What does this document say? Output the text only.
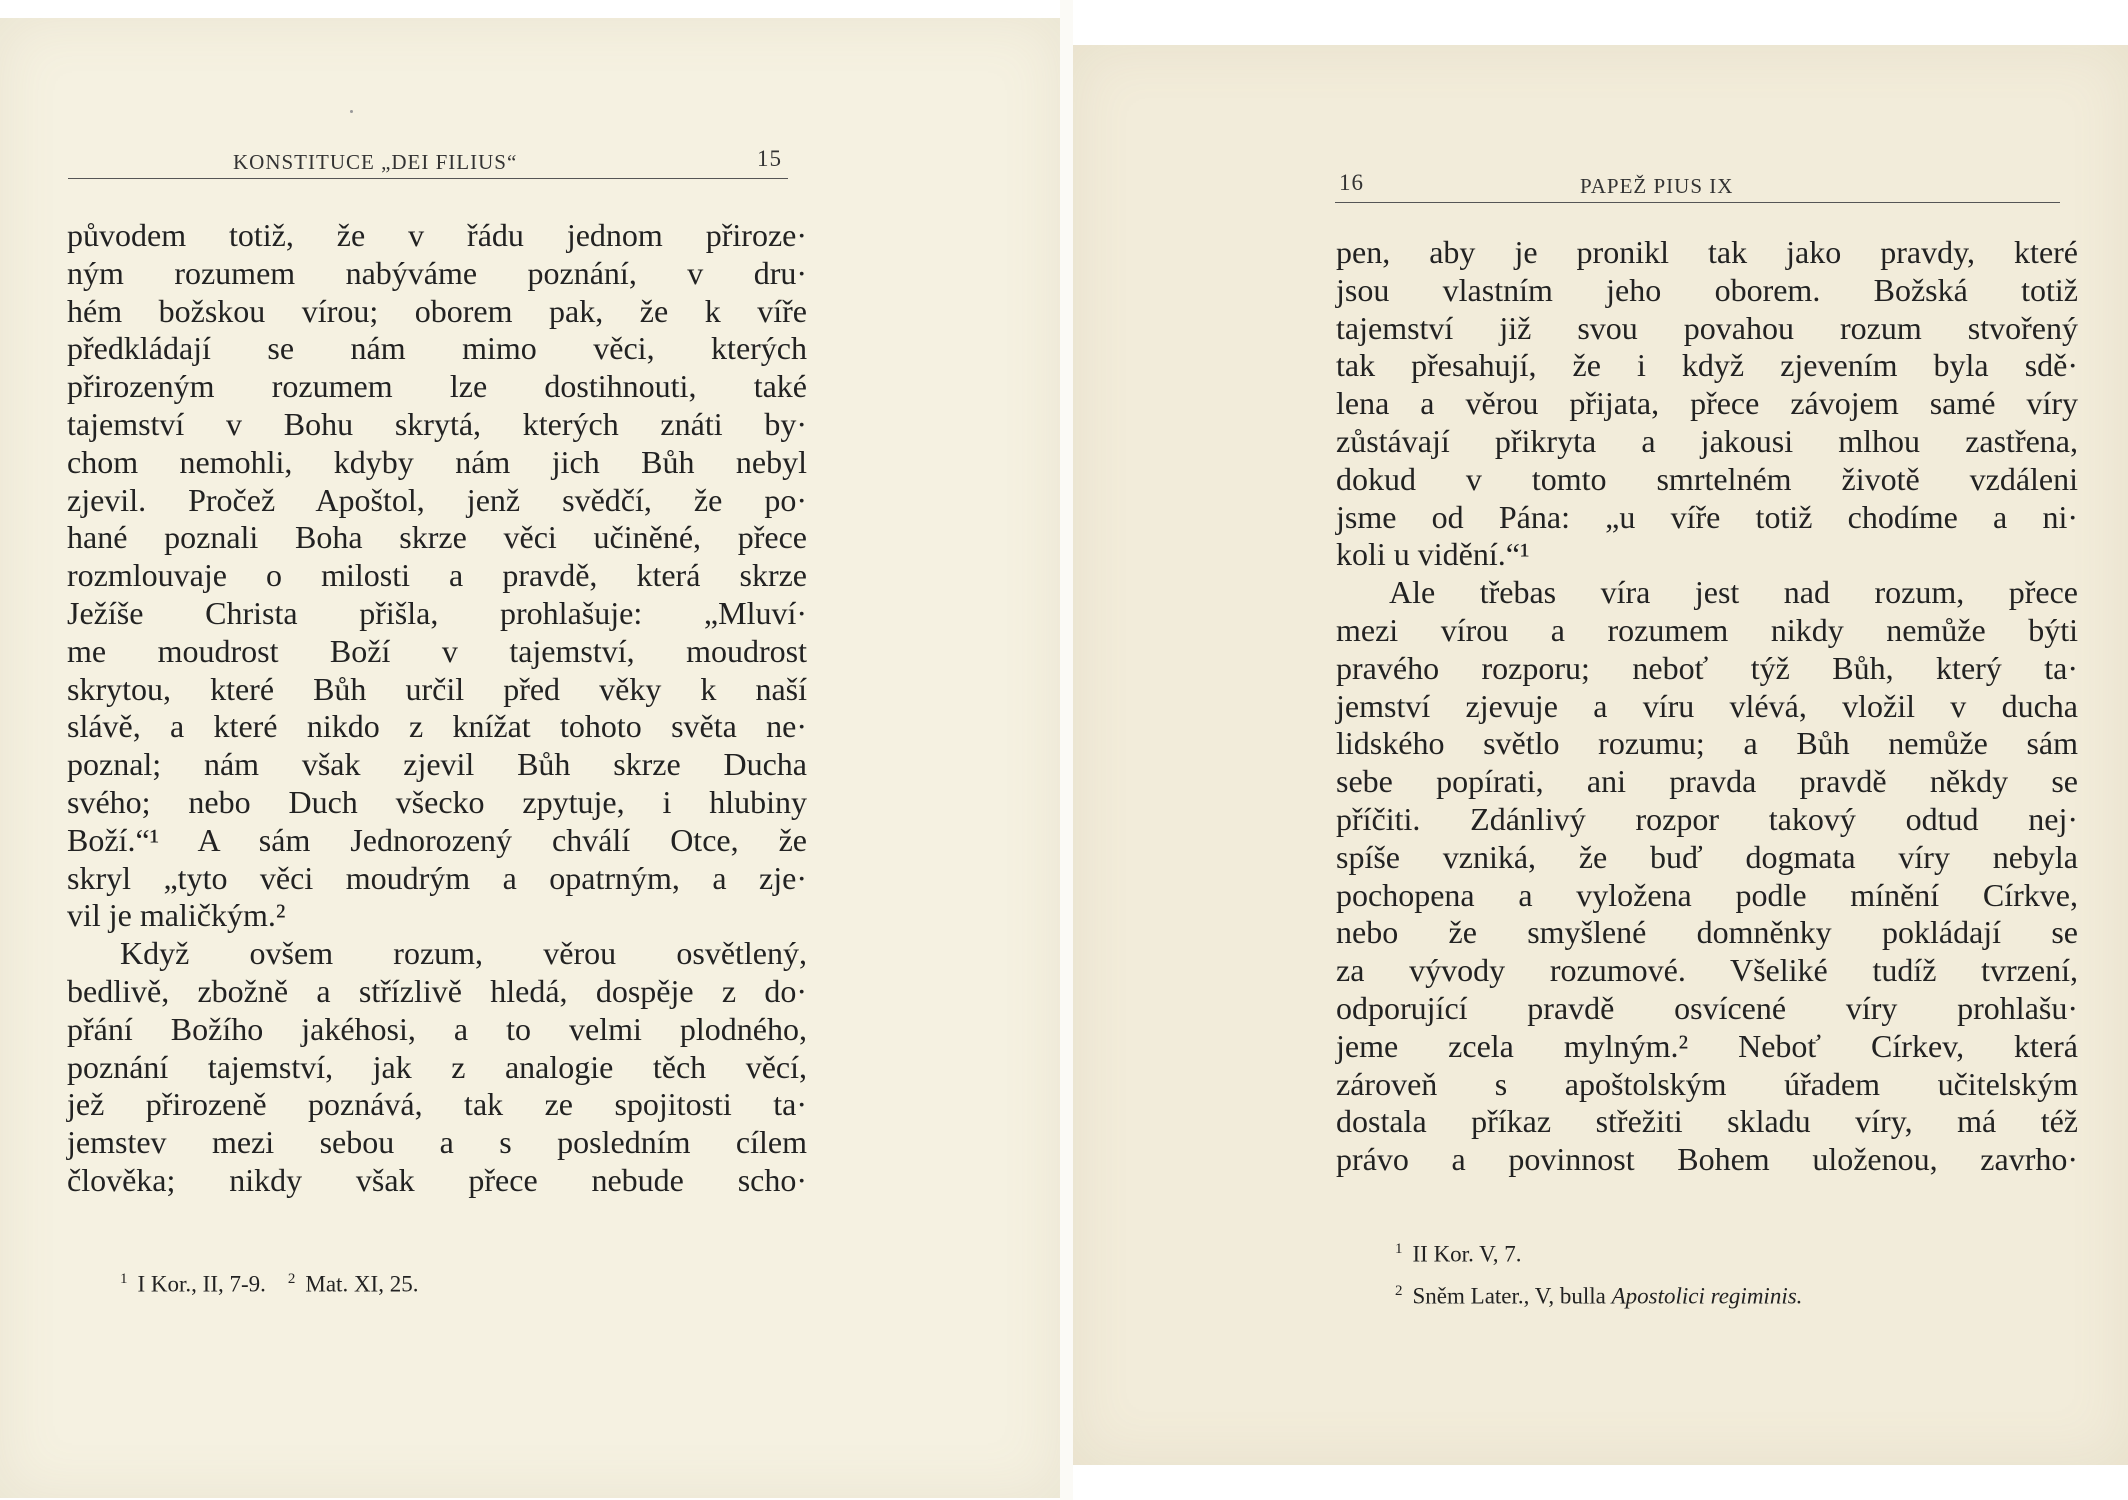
KONSTITUCE „DEI FILIUS“	15
původem totiž, že v řádu jednom přiroze·
ným rozumem nabýváme poznání, v dru·
hém božskou vírou; oborem pak, že k víře
předkládají se nám mimo věci, kterých
přirozeným rozumem lze dostihnouti, také
tajemství v Bohu skrytá, kterých znáti by·
chom nemohli, kdyby nám jich Bůh nebyl
zjevil. Pročež Apoštol, jenž svědčí, že po·
hané poznali Boha skrze věci učiněné, přece
rozmlouvaje o milosti a pravdě, která skrze
Ježíše Christa přišla, prohlašuje: „Mluví·
me moudrost Boží v tajemství, moudrost
skrytou, které Bůh určil před věky k naší
slávě, a které nikdo z knížat tohoto světa ne·
poznal; nám však zjevil Bůh skrze Ducha
svého; nebo Duch všecko zpytuje, i hlubiny
Boží.“¹ A sám Jednorozený chválí Otce, že
skryl „tyto věci moudrým a opatrným, a zje·
vil je maličkým.²
Když ovšem rozum, věrou osvětlený,
bedlivě, zbožně a střízlivě hledá, dospěje z do·
přání Božího jakéhosi, a to velmi plodného,
poznání tajemství, jak z analogie těch věcí,
jež přirozeně poznává, tak ze spojitosti ta·
jemstev mezi sebou a s posledním cílem
člověka; nikdy však přece nebude scho·
$^1$ I Kor., II, 7-9. $^2$ Mat. XI, 25.
16	PAPEŽ PIUS IX
pen, aby je pronikl tak jako pravdy, které
jsou vlastním jeho oborem. Božská totiž
tajemství již svou povahou rozum stvořený
tak přesahují, že i když zjevením byla sdě·
lena a věrou přijata, přece závojem samé víry
zůstávají přikryta a jakousi mlhou zastřena,
dokud v tomto smrtelném životě vzdáleni
jsme od Pána: „u víře totiž chodíme a ni·
koli u vidění.“¹
Ale třebas víra jest nad rozum, přece
mezi vírou a rozumem nikdy nemůže býti
pravého rozporu; neboť týž Bůh, který ta·
jemství zjevuje a víru vlévá, vložil v ducha
lidského světlo rozumu; a Bůh nemůže sám
sebe popírati, ani pravda pravdě někdy se
příčiti. Zdánlivý rozpor takový odtud nej·
spíše vzniká, že buď dogmata víry nebyla
pochopena a vyložena podle mínění Církve,
nebo že smyšlené domněnky pokládají se
za vývody rozumové. Všeliké tudíž tvrzení,
odporující pravdě osvícené víry prohlašu·
jeme zcela mylným.² Neboť Církev, která
zároveň s apoštolským úřadem učitelským
dostala příkaz střežiti skladu víry, má též
právo a povinnost Bohem uloženou, zavrho·
$^1$ II Kor. V, 7.
$^2$ Sněm Later., V, bulla Apostolici regiminis.
